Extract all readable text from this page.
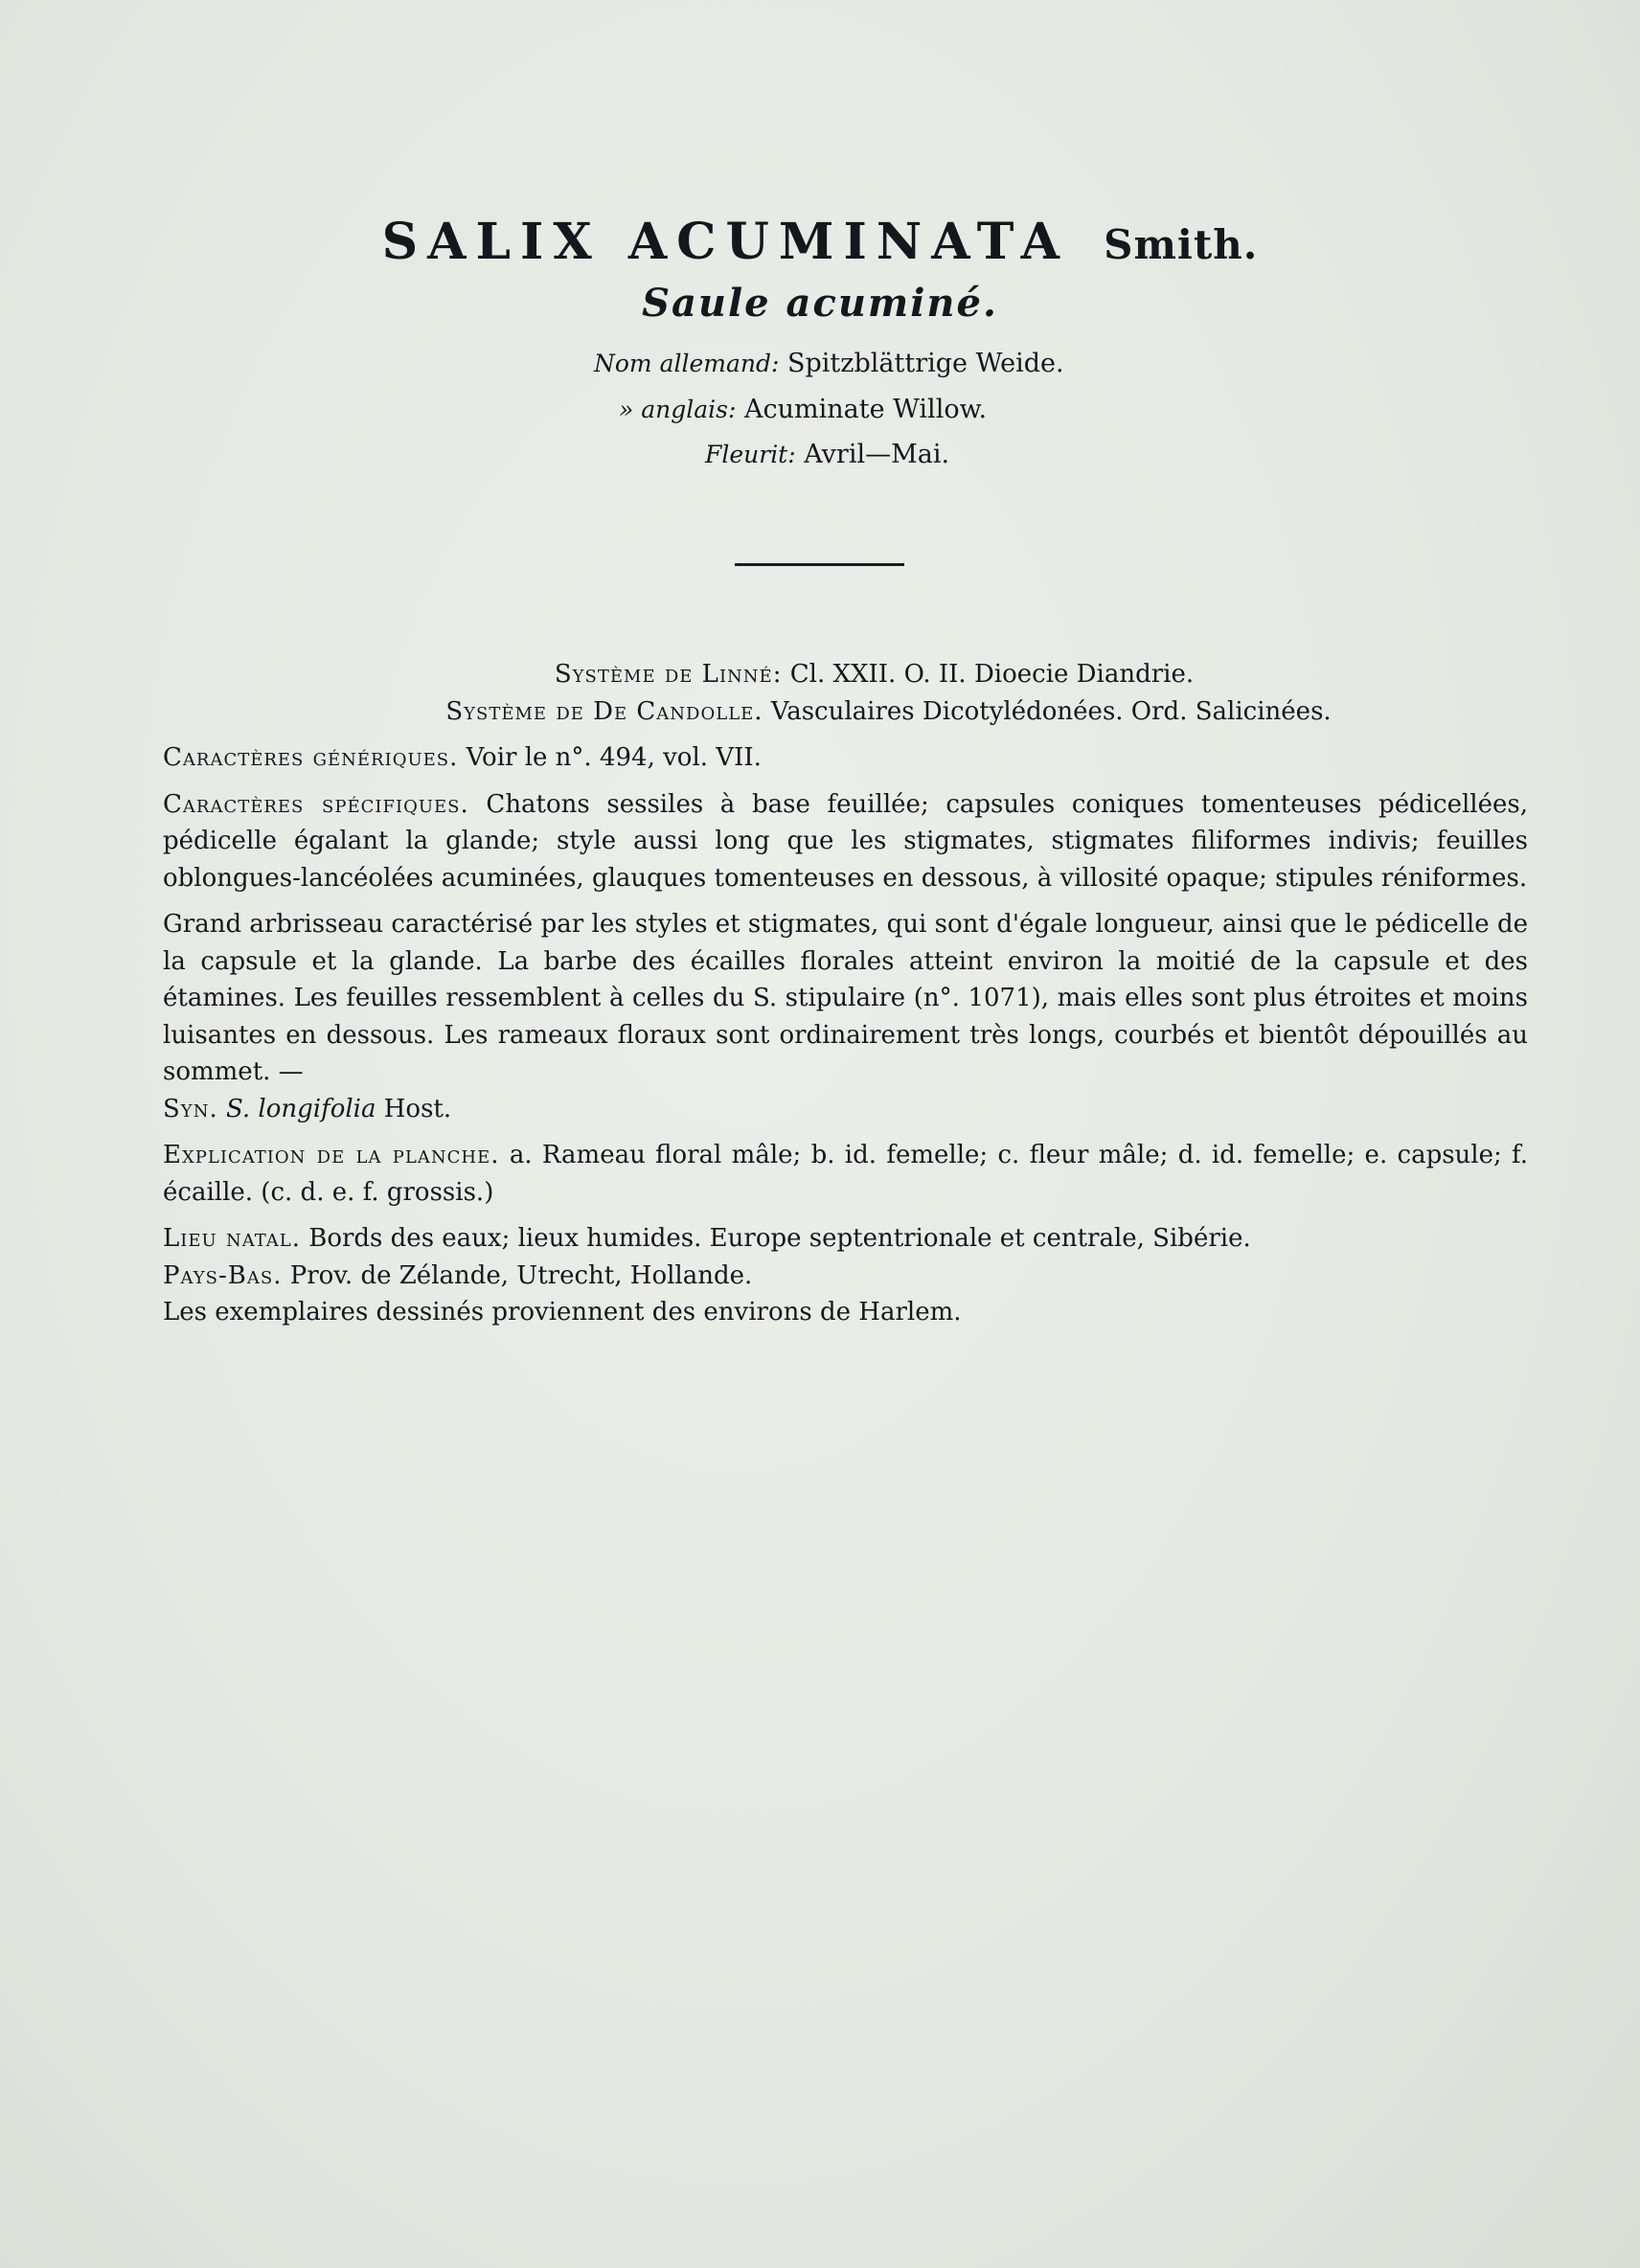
SALIX ACUMINATA Smith.
Saule acuminé.
Nom allemand: Spitzblättrige Weide.
» anglais: Acuminate Willow.
Fleurit: Avril—Mai.

Système de Linné: Cl. XXII. O. II. Dioecie Diandrie.

Système de De Candolle. Vasculaires Dicotylédonées. Ord. Salicinées.

Caractères génériques. Voir le n°. 494, vol. VII.

Caractères spécifiques. Chatons sessiles à base feuillée; capsules coniques tomenteuses pédicellées, pédicelle égalant la glande; style aussi long que les stigmates, stigmates filiformes indivis; feuilles oblongues-lancéolées acuminées, glauques tomenteuses en dessous, à villosité opaque; stipules réniformes.

Grand arbrisseau caractérisé par les styles et stigmates, qui sont d'égale longueur, ainsi que le pédicelle de la capsule et la glande. La barbe des écailles florales atteint environ la moitié de la capsule et des étamines. Les feuilles ressemblent à celles du S. stipulaire (n°. 1071), mais elles sont plus étroites et moins luisantes en dessous. Les rameaux floraux sont ordinairement très longs, courbés et bientôt dépouillés au sommet. —
Syn. S. longifolia Host.

Explication de la planche. a. Rameau floral mâle; b. id. femelle; c. fleur mâle; d. id. femelle; e. capsule; f. écaille. (c. d. e. f. grossis.)

Lieu natal. Bords des eaux; lieux humides. Europe septentrionale et centrale, Sibérie.

Pays-Bas. Prov. de Zélande, Utrecht, Hollande.

Les exemplaires dessinés proviennent des environs de Harlem.
